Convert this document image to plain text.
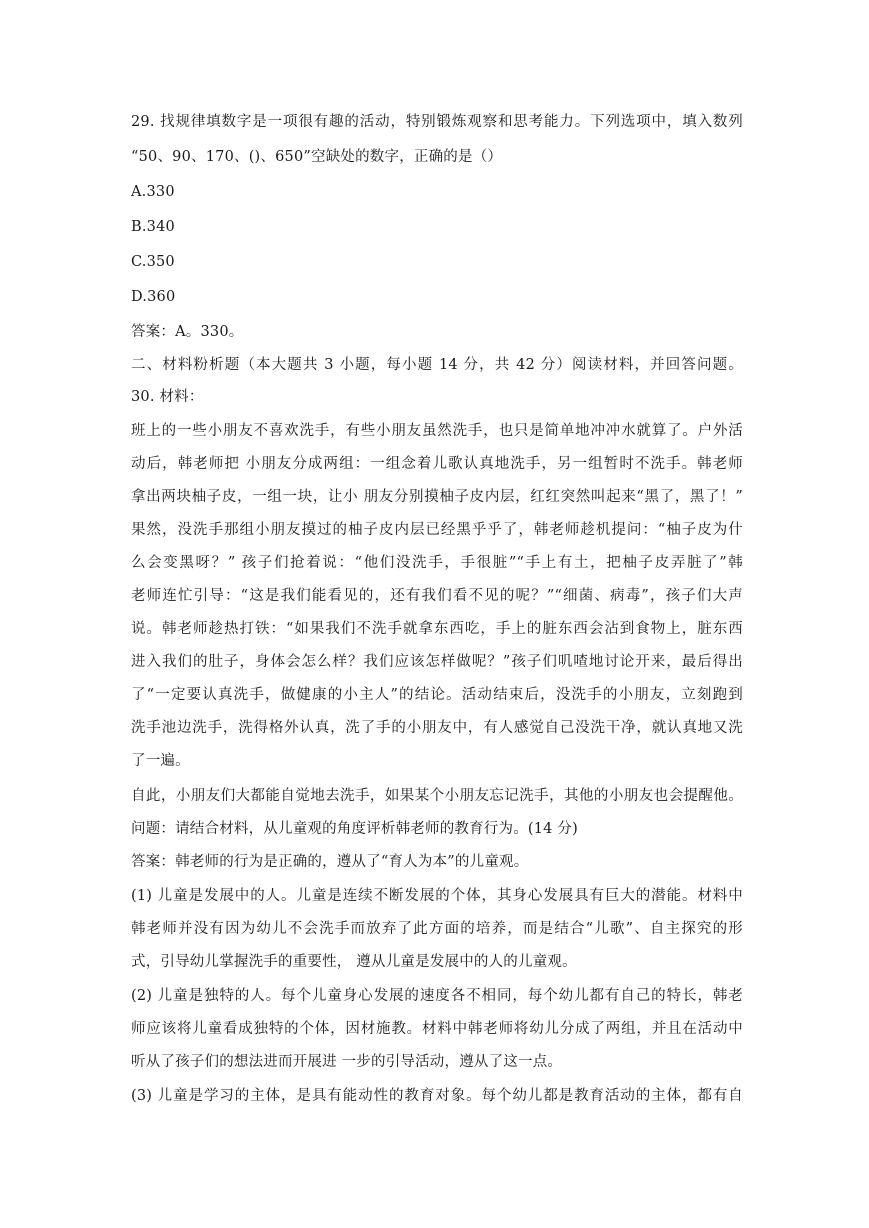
29. 找规律填数字是一项很有趣的活动，特别锻炼观察和思考能力。下列选项中，填入数列
“50、90、170、()、650”空缺处的数字，正确的是（）
A.330
B.340
C.350
D.360
答案：A。330。
二、材料粉析题（本大题共 3 小题，每小题 14 分，共 42 分）阅读材料，并回答问题。
30. 材料：
班上的一些小朋友不喜欢洗手，有些小朋友虽然洗手，也只是简单地冲冲水就算了。户外活
动后，韩老师把 小朋友分成两组：一组念着儿歌认真地洗手，另一组暂时不洗手。韩老师
拿出两块柚子皮，一组一块，让小 朋友分别摸柚子皮内层，红红突然叫起来“黑了，黑了！”
果然，没洗手那组小朋友摸过的柚子皮内层已经黑乎乎了，韩老师趁机提问：“柚子皮为什
么会变黑呀？” 孩子们抢着说：“他们没洗手，手很脏”“手上有土，把柚子皮弄脏了”韩
老师连忙引导：“这是我们能看见的，还有我们看不见的呢？”“细菌、病毒”，孩子们大声
说。韩老师趁热打铁：“如果我们不洗手就拿东西吃，手上的脏东西会沾到食物上，脏东西
进入我们的肚子，身体会怎么样？我们应该怎样做呢？”孩子们叽喳地讨论开来，最后得出
了“一定要认真洗手，做健康的小主人”的结论。活动结束后，没洗手的小朋友，立刻跑到
洗手池边洗手，洗得格外认真，洗了手的小朋友中，有人感觉自己没洗干净，就认真地又洗
了一遍。
自此，小朋友们大都能自觉地去洗手，如果某个小朋友忘记洗手，其他的小朋友也会提醒他。
问题：请结合材料，从儿童观的角度评析韩老师的教育行为。(14 分)
答案：韩老师的行为是正确的，遵从了“育人为本”的儿童观。
(1) 儿童是发展中的人。儿童是连续不断发展的个体，其身心发展具有巨大的潜能。材料中
韩老师并没有因为幼儿不会洗手而放弃了此方面的培养，而是结合“儿歌”、自主探究的形
式，引导幼儿掌握洗手的重要性， 遵从儿童是发展中的人的儿童观。
(2) 儿童是独特的人。每个儿童身心发展的速度各不相同，每个幼儿都有自己的特长，韩老
师应该将儿童看成独特的个体，因材施教。材料中韩老师将幼儿分成了两组，并且在活动中
听从了孩子们的想法进而开展进 一步的引导活动，遵从了这一点。
(3) 儿童是学习的主体，是具有能动性的教育对象。每个幼儿都是教育活动的主体，都有自
